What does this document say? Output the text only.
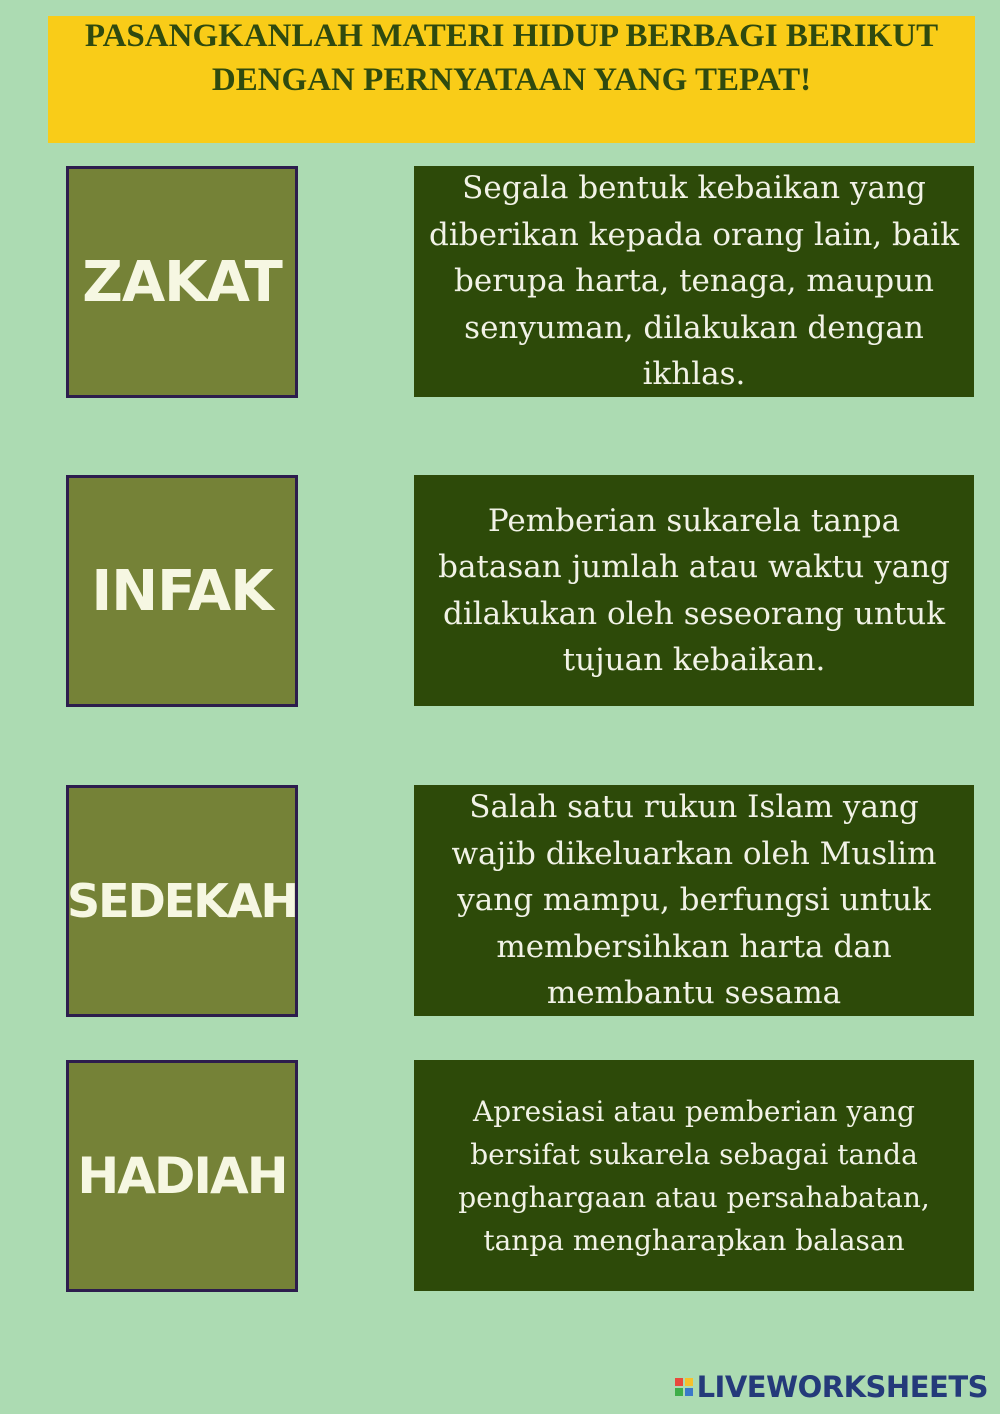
PASANGKANLAH MATERI HIDUP BERBAGI BERIKUT DENGAN PERNYATAAN YANG TEPAT!
ZAKAT
INFAK
SEDEKAH
HADIAH
Segala bentuk kebaikan yang diberikan kepada orang lain, baik berupa harta, tenaga, maupun senyuman, dilakukan dengan ikhlas.
Pemberian sukarela tanpa batasan jumlah atau waktu yang dilakukan oleh seseorang untuk tujuan kebaikan.
Salah satu rukun Islam yang wajib dikeluarkan oleh Muslim yang mampu, berfungsi untuk membersihkan harta dan membantu sesama
Apresiasi atau pemberian yang bersifat sukarela sebagai tanda penghargaan atau persahabatan, tanpa mengharapkan balasan
LIVEWORKSHEETS
